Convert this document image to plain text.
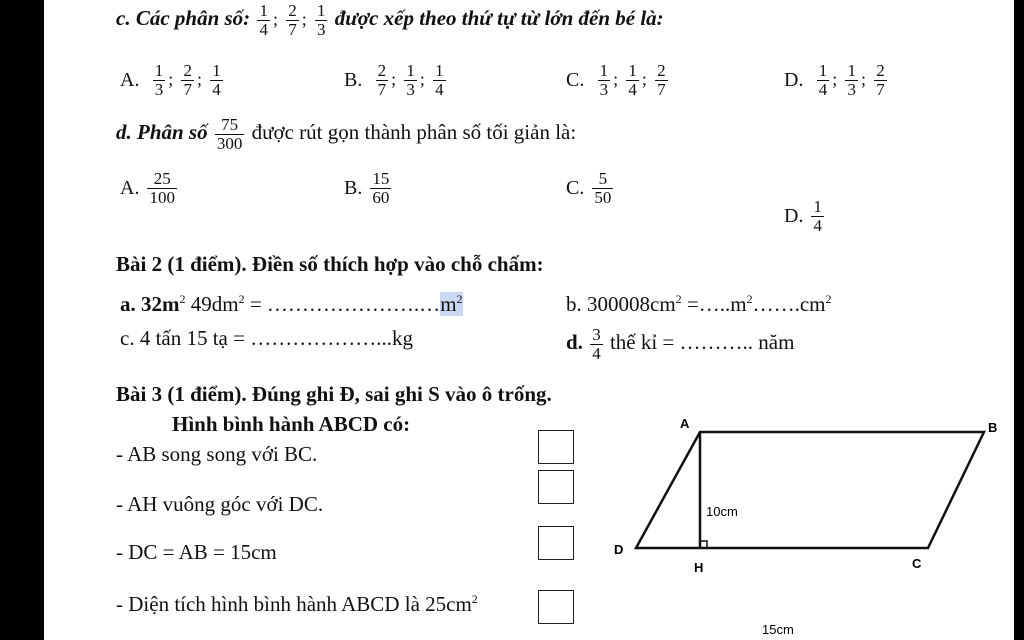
c. Các phân số: $\frac{1}{4}$ ; $\frac{2}{7}$ ; $\frac{1}{3}$ được xếp theo thứ tự từ lớn đến bé là:
A. $\frac{1}{3}$ ; $\frac{2}{7}$ ; $\frac{1}{4}$	B. $\frac{2}{7}$ ; $\frac{1}{3}$ ; $\frac{1}{4}$	C. $\frac{1}{3}$ ; $\frac{1}{4}$ ; $\frac{2}{7}$	D. $\frac{1}{4}$ ; $\frac{1}{3}$ ; $\frac{2}{7}$
d. Phân số $\frac{75}{300}$ được rút gọn thành phân số tối giản là:
A. $\frac{25}{100}$	B. $\frac{15}{60}$	C. $\frac{5}{50}$
D. $\frac{1}{4}$
Bài 2 (1 điểm). Điền số thích hợp vào chỗ chấm:
a. $32m^2$ $49dm^2$ = $\dots\dots\dots\dots\dots\dots\dots.\dots m^2$	b. $300008cm^2$ $=\dots..m^2\dots\dots.cm^2$
c. 4 tấn 15 tạ = ………………...kg	d. $\frac{3}{4}$ thế kỉ = ……….. năm
Bài 3 (1 điểm). Đúng ghi Đ, sai ghi S vào ô trống.
Hình bình hành ABCD có:
- AB song song với BC.
- AH vuông góc với DC.
- DC = AB = 15cm
- Diện tích hình bình hành ABCD là $25cm^2$
A	B
D
C
H
10cm
15cm
